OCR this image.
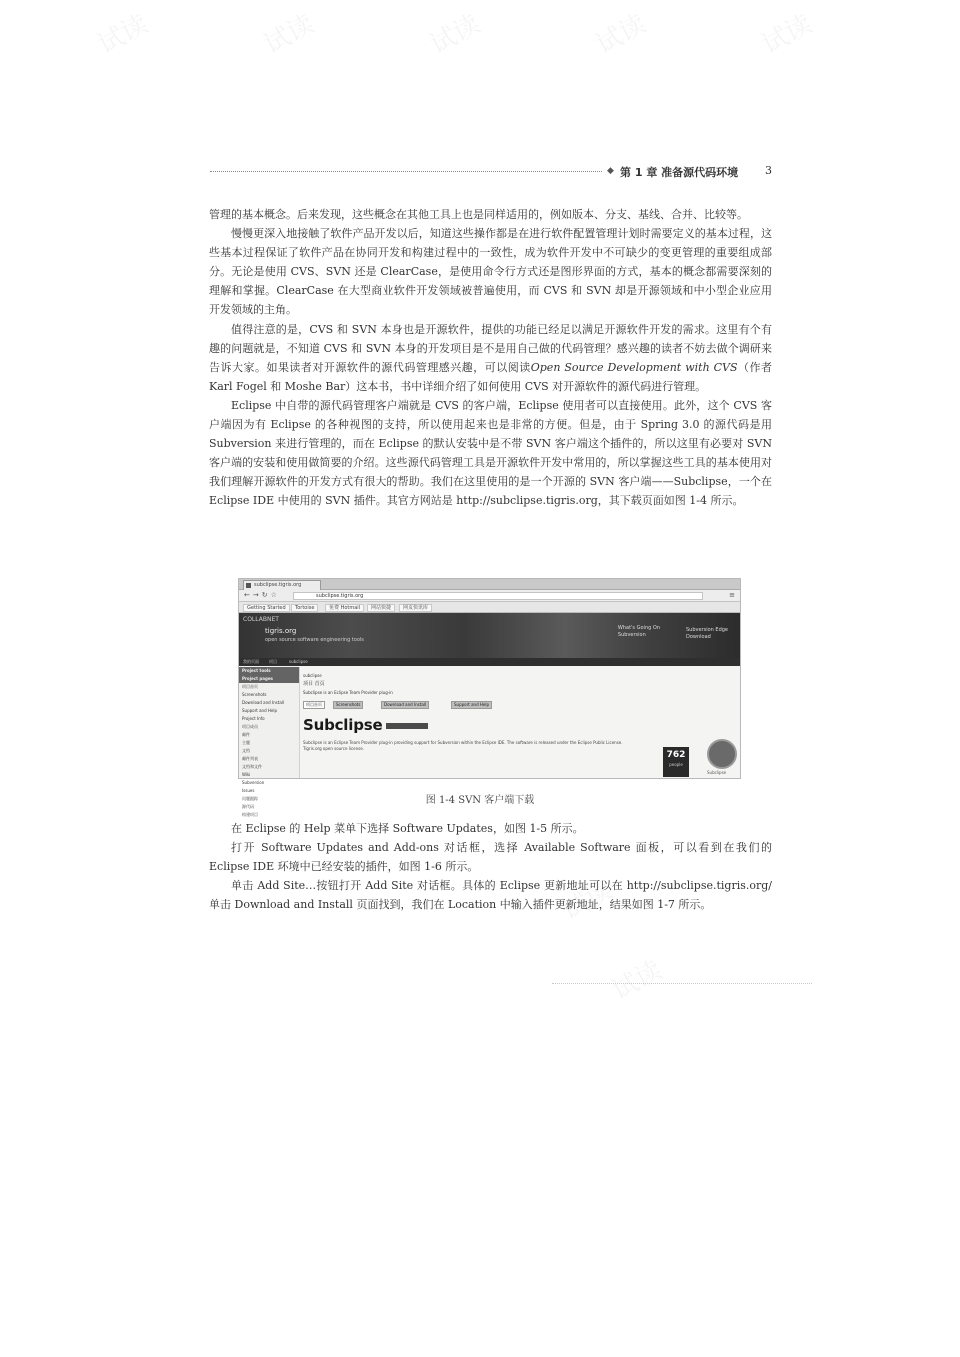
◆ 第 1 章 准备源代码环境 3

管理的基本概念。后来发现，这些概念在其他工具上也是同样适用的，例如版本、分支、基线、合并、比较等。

慢慢更深入地接触了软件产品开发以后，知道这些操作都是在进行软件配置管理计划时需要定义的基本过程，这些基本过程保证了软件产品在协同开发和构建过程中的一致性，成为软件开发中不可缺少的变更管理的重要组成部分。无论是使用 CVS、SVN 还是 ClearCase，是使用命令行方式还是图形界面的方式，基本的概念都需要深刻的理解和掌握。ClearCase 在大型商业软件开发领域被普遍使用，而 CVS 和 SVN 却是开源领域和中小型企业应用开发领域的主角。

值得注意的是，CVS 和 SVN 本身也是开源软件，提供的功能已经足以满足开源软件开发的需求。这里有个有趣的问题就是，不知道 CVS 和 SVN 本身的开发项目是不是用自己做的代码管理？感兴趣的读者不妨去做个调研来告诉大家。如果读者对开源软件的源代码管理感兴趣，可以阅读Open Source Development with CVS（作者 Karl Fogel 和 Moshe Bar）这本书，书中详细介绍了如何使用 CVS 对开源软件的源代码进行管理。

Eclipse 中自带的源代码管理客户端就是 CVS 的客户端，Eclipse 使用者可以直接使用。此外，这个 CVS 客户端因为有 Eclipse 的各种视图的支持，所以使用起来也是非常的方便。但是，由于 Spring 3.0 的源代码是用 Subversion 来进行管理的，而在 Eclipse 的默认安装中是不带 SVN 客户端这个插件的，所以这里有必要对 SVN 客户端的安装和使用做简要的介绍。这些源代码管理工具是开源软件开发中常用的，所以掌握这些工具的基本使用对我们理解开源软件的开发方式有很大的帮助。我们在这里使用的是一个开源的 SVN 客户端——Subclipse，一个在 Eclipse IDE 中使用的 SVN 插件。其官方网站是 http://subclipse.tigris.org，其下载页面如图 1-4 所示。

subclipse.tigris.org
←→↻☆	subclipse.tigris.org	≡
Getting Started	Tortoise	免费 Hotmail	网站快捷	网页快讯库
COLLABNET
tigris.org
open source software engineering tools
What's Going On
Subversion
Subversion Edge
Download
我的页面	项目	subclipse
Project tools
Project pages
项目首页
Screenshots
Download and Install
Support and Help
Project Info
项目成员
邮件
主题
文档
邮件列表
文档和文件
Wiki
Subversion
Issues
问题跟踪
源代码
构建项目
subclipse
项目 首页
Subclipse is an Eclipse Team Provider plug-in
项目首页	Screenshots	Download and Install	Support and Help
Subclipse
Subclipse is an Eclipse Team Provider plug-in providing support for Subversion within the Eclipse IDE. The software is released under the Eclipse Public License. Tigris.org open source license.
762
people
Subclipse
图 1-4 SVN 客户端下载

在 Eclipse 的 Help 菜单下选择 Software Updates，如图 1-5 所示。

打开 Software Updates and Add-ons 对话框，选择 Available Software 面板，可以看到在我们的 Eclipse IDE 环境中已经安装的插件，如图 1-6 所示。

单击 Add Site…按钮打开 Add Site 对话框。具体的 Eclipse 更新地址可以在 http://subclipse.tigris.org/单击 Download and Install 页面找到，我们在 Location 中输入插件更新地址，结果如图 1-7 所示。
